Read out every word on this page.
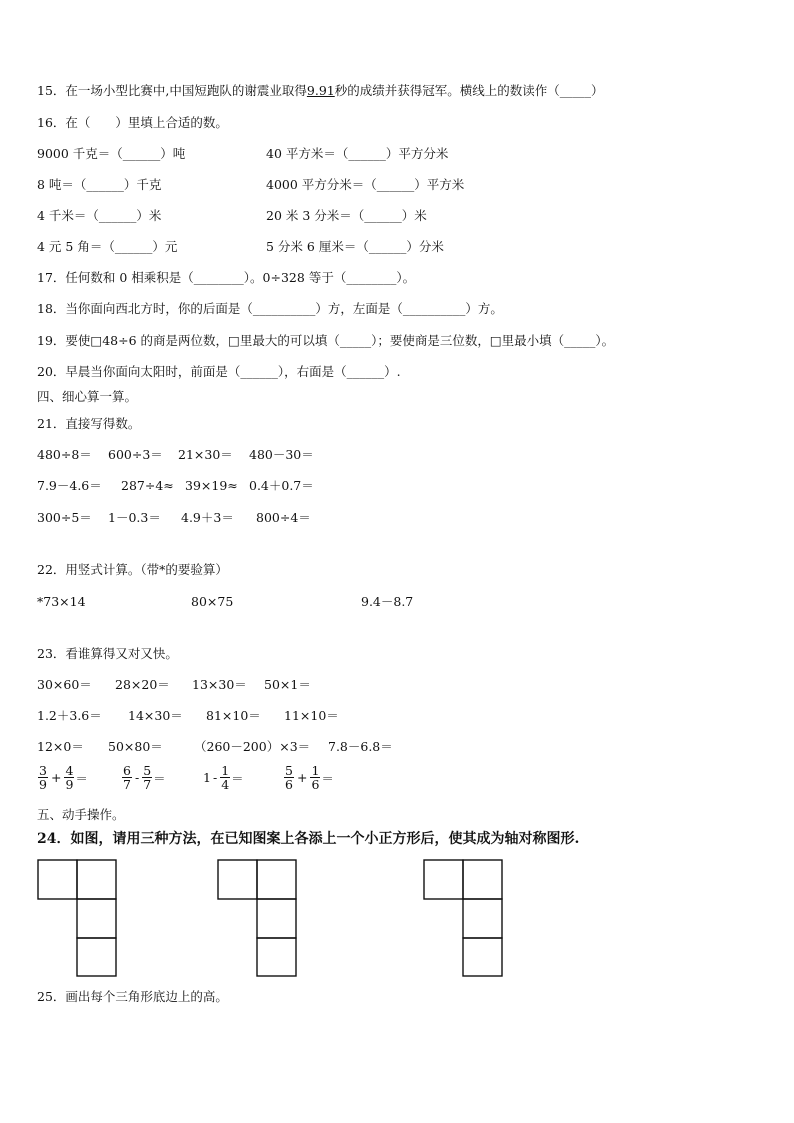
15．在一场小型比赛中,中国短跑队的谢震业取得9.91秒的成绩并获得冠军。横线上的数读作（_____）
16．在（　　）里填上合适的数。
9000 千克＝（______）吨	40 平方米＝（______）平方分米
8 吨＝（______）千克	4000 平方分米＝（______）平方米
4 千米＝（______）米	20 米 3 分米＝（______）米
4 元 5 角＝（______）元	5 分米 6 厘米＝（______）分米
17．任何数和 0 相乘积是（________）。0÷328 等于（________）。
18．当你面向西北方时，你的后面是（__________）方，左面是（__________）方。
19．要使□48÷6 的商是两位数，□里最大的可以填（_____）；要使商是三位数，□里最小填（_____）。
20．早晨当你面向太阳时，前面是（______），右面是（______）.
四、细心算一算。
21．直接写得数。
480÷8＝ 600÷3＝ 21×30＝ 480－30＝
7.9－4.6＝ 287÷4≈ 39×19≈ 0.4＋0.7＝
300÷5＝ 1－0.3＝ 4.9＋3＝ 800÷4＝
22．用竖式计算。（带*的要验算）
*73×14	80×75	9.4－8.7
23．看谁算得又对又快。
30×60＝ 28×20＝ 13×30＝ 50×1＝
1.2＋3.6＝ 14×30＝ 81×10＝ 11×10＝
12×0＝ 50×80＝ （260－200）×3＝ 7.8－6.8＝
$\frac{3}{9} + \frac{4}{9}$ ＝	$\frac{6}{7} - \frac{5}{7}$ ＝	$1 - \frac{1}{4}$ ＝	$\frac{5}{6} + \frac{1}{6}$ ＝
五、动手操作。
24．如图，请用三种方法，在已知图案上各添上一个小正方形后，使其成为轴对称图形.
25．画出每个三角形底边上的高。
